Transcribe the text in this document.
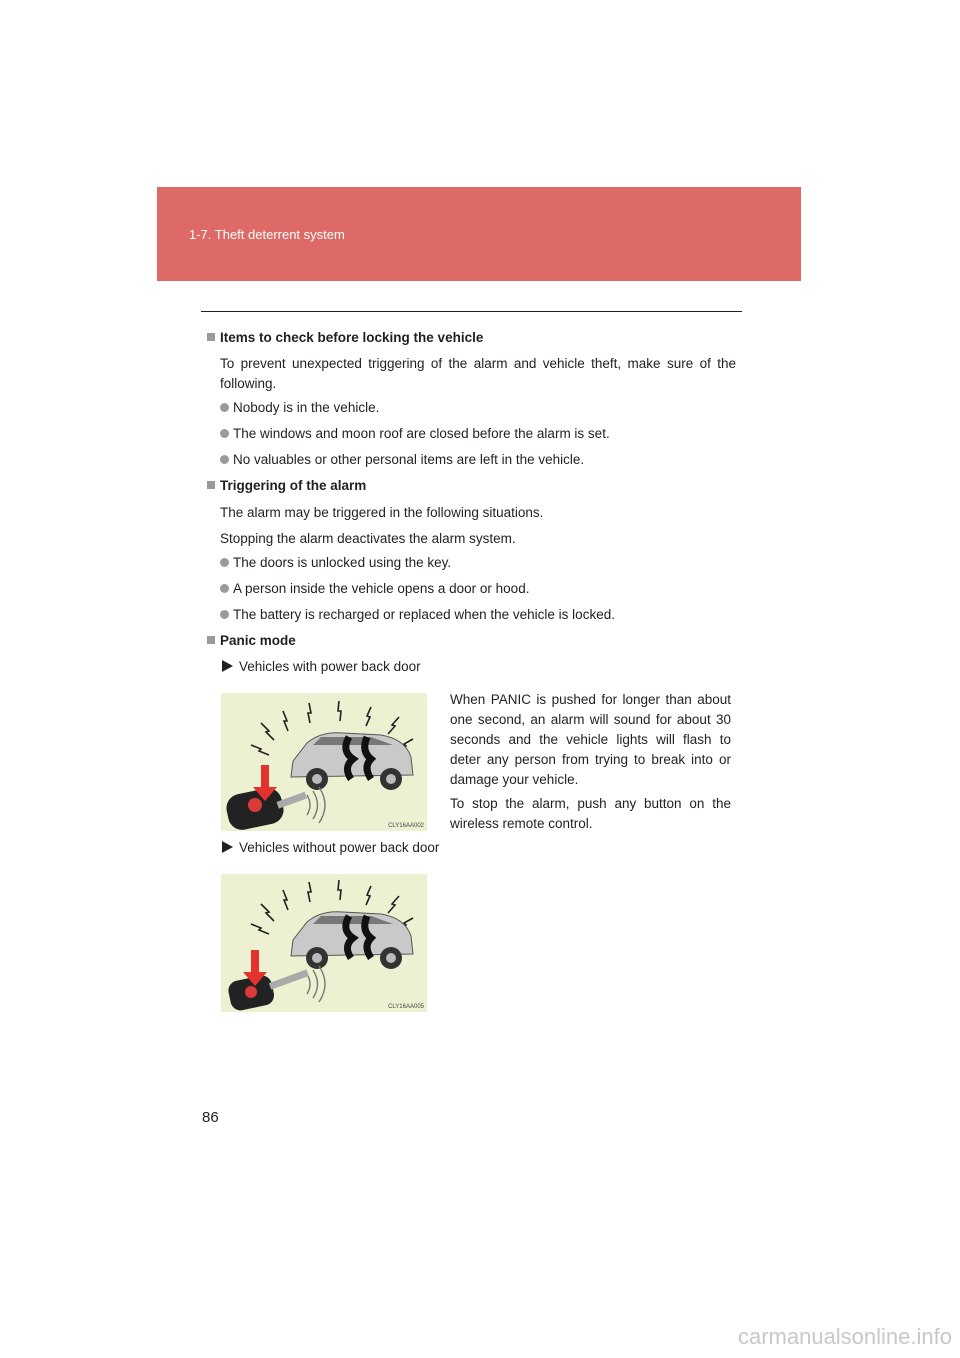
1-7. Theft deterrent system
Items to check before locking the vehicle
To prevent unexpected triggering of the alarm and vehicle theft, make sure of the following.
Nobody is in the vehicle.
The windows and moon roof are closed before the alarm is set.
No valuables or other personal items are left in the vehicle.
Triggering of the alarm
The alarm may be triggered in the following situations.
Stopping the alarm deactivates the alarm system.
The doors is unlocked using the key.
A person inside the vehicle opens a door or hood.
The battery is recharged or replaced when the vehicle is locked.
Panic mode
Vehicles with power back door
CLY16AA002
When PANIC is pushed for longer than about one second, an alarm will sound for about 30 seconds and the vehicle lights will flash to deter any person from trying to break into or damage your vehicle.
To stop the alarm, push any button on the wireless remote control.
Vehicles without power back door
CLY16AA005
86
carmanualsonline.info
